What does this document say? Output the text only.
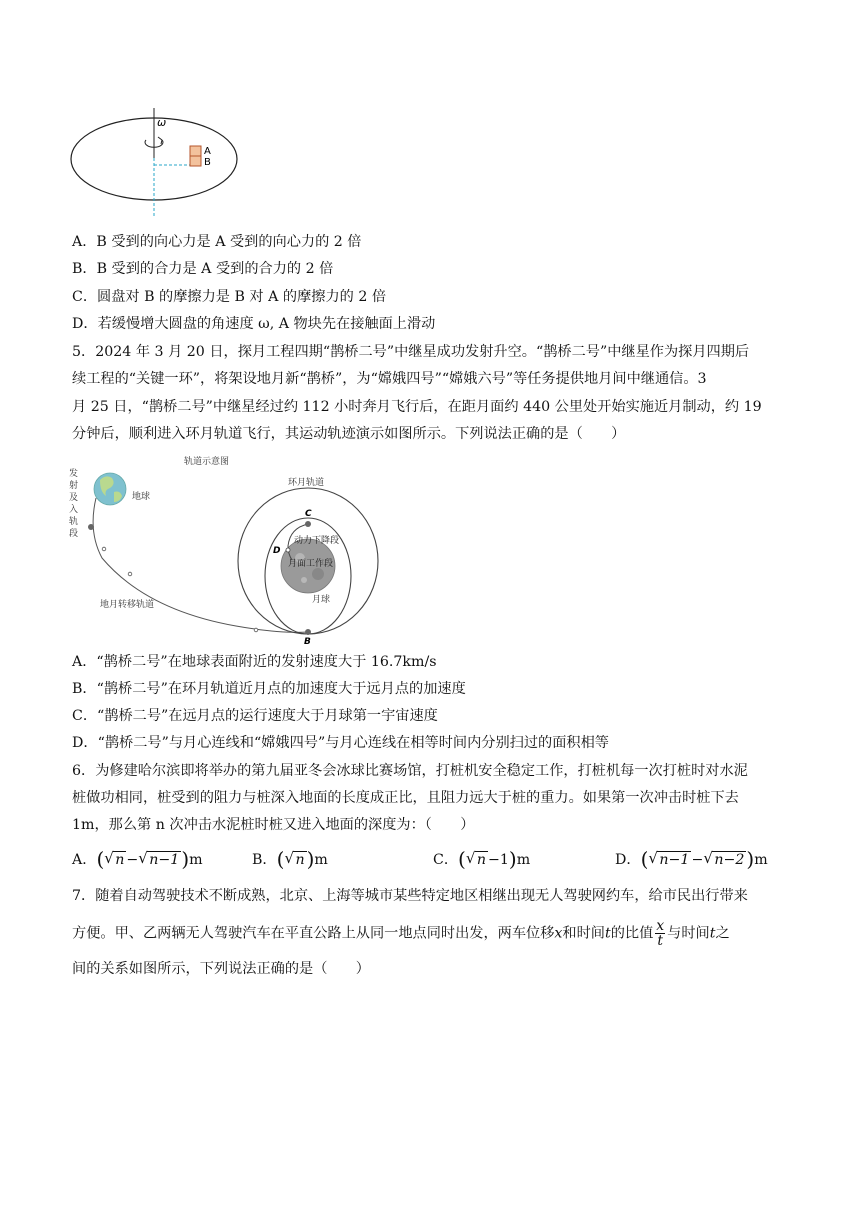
ω
A
B
A．B 受到的向心力是 A 受到的向心力的 2 倍
B．B 受到的合力是 A 受到的合力的 2 倍
C．圆盘对 B 的摩擦力是 B 对 A 的摩擦力的 2 倍
D．若缓慢增大圆盘的角速度 ω, A 物块先在接触面上滑动
5．2024 年 3 月 20 日，探月工程四期“鹊桥二号”中继星成功发射升空。“鹊桥二号”中继星作为探月四期后
续工程的“关键一环”，将架设地月新“鹊桥”，为“嫦娥四号”“嫦娥六号”等任务提供地月间中继通信。3
月 25 日，“鹊桥二号”中继星经过约 112 小时奔月飞行后，在距月面约 440 公里处开始实施近月制动，约 19
分钟后，顺利进入环月轨道飞行，其运动轨迹演示如图所示。下列说法正确的是（　　）
轨道示意图
发
射
及
入
轨
段
地球
地月转移轨道
环月轨道
动力下降段
月面工作段
月球
C
D
B
A．“鹊桥二号”在地球表面附近的发射速度大于 16.7km/s
B．“鹊桥二号”在环月轨道近月点的加速度大于远月点的加速度
C．“鹊桥二号”在远月点的运行速度大于月球第一宇宙速度
D．“鹊桥二号”与月心连线和“嫦娥四号”与月心连线在相等时间内分别扫过的面积相等
6．为修建哈尔滨即将举办的第九届亚冬会冰球比赛场馆，打桩机安全稳定工作，打桩机每一次打桩时对水泥
桩做功相同，桩受到的阻力与桩深入地面的长度成正比，且阻力远大于桩的重力。如果第一次冲击时桩下去
1m，那么第 n 次冲击水泥桩时桩又进入地面的深度为：（　　）
A．( √ n − √ n−1 )m	B．( √ n )m	C．( √ n −1)m	D．( √ n−1 − √ n−2 )m
7．随着自动驾驶技术不断成熟，北京、上海等城市某些特定地区相继出现无人驾驶网约车，给市民出行带来
方便。甲、乙两辆无人驾驶汽车在平直公路上从同一地点同时出发，两车位移x和时间t的比值 $\frac{x}{t}$ 与时间t之
间的关系如图所示，下列说法正确的是（　　）
